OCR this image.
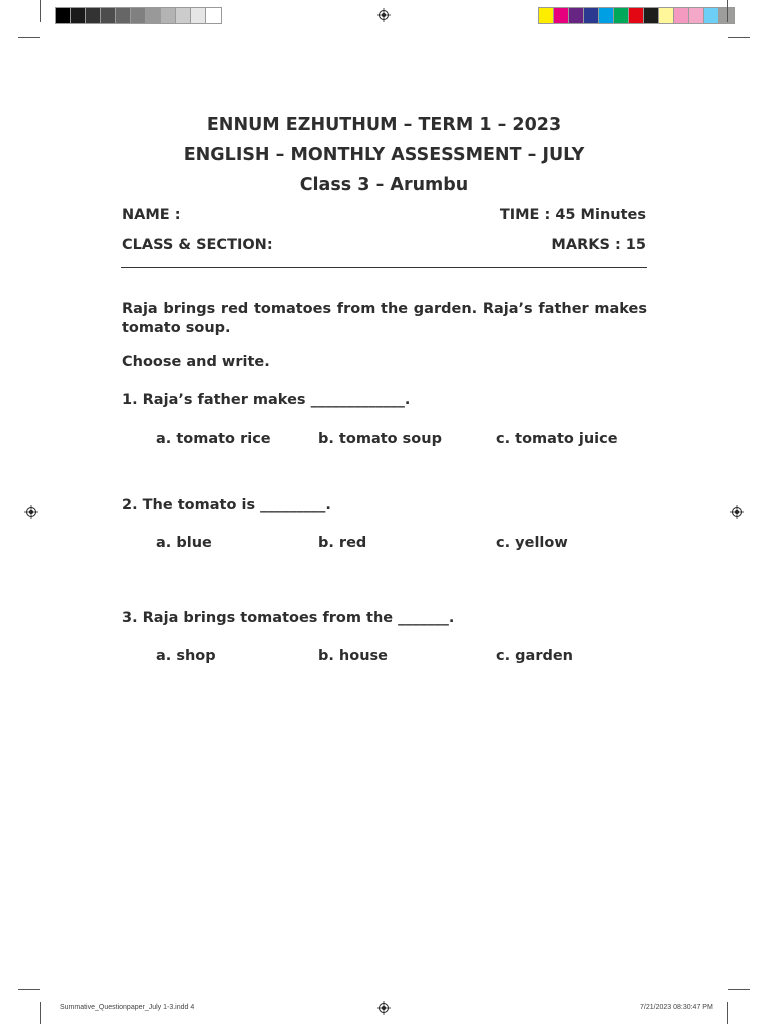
ENNUM EZHUTHUM – TERM 1 – 2023
ENGLISH – MONTHLY ASSESSMENT – JULY
Class 3 – Arumbu
NAME :	TIME : 45 Minutes
CLASS & SECTION:	MARKS : 15
Raja brings red tomatoes from the garden. Raja’s father makes tomato soup.
Choose and write.
1. Raja’s father makes _____________.
a. tomato rice	b. tomato soup	c. tomato juice
2. The tomato is _________.
a. blue	b. red	c. yellow
3. Raja brings tomatoes from the _______.
a. shop	b. house	c. garden
Summative_Questionpaper_July 1-3.indd 4	7/21/2023 08:30:47 PM
